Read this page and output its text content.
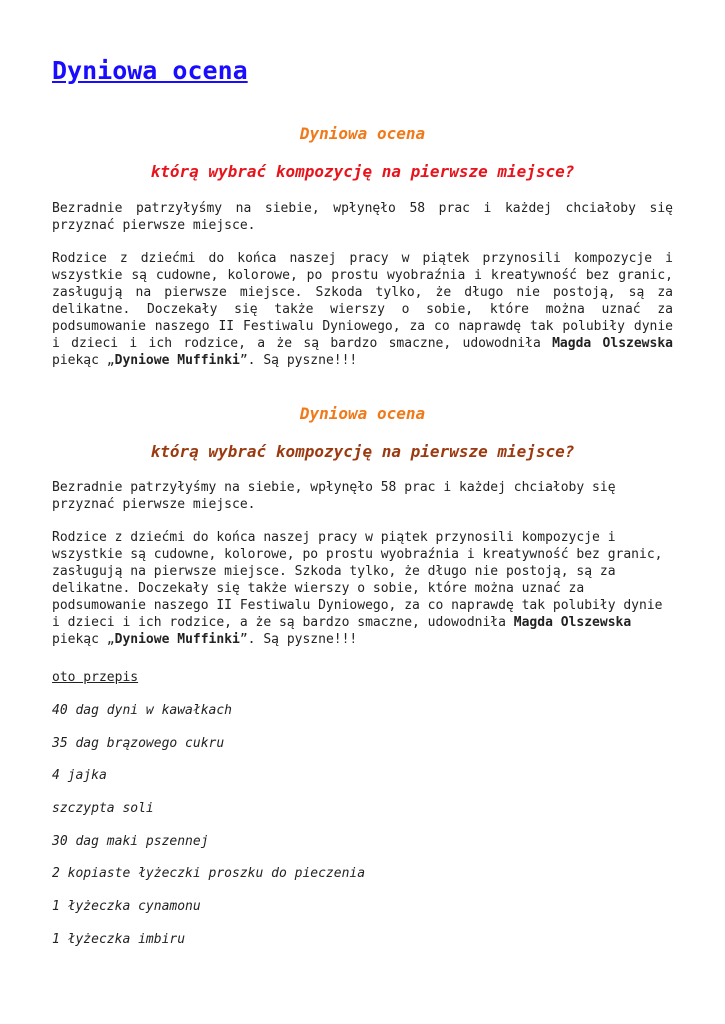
Dyniowa ocena
Dyniowa ocena
którą wybrać kompozycję na pierwsze miejsce?

Bezradnie patrzyłyśmy na siebie, wpłynęło 58 prac i każdej chciałoby się przyznać pierwsze miejsce.

Rodzice z dziećmi do końca naszej pracy w piątek przynosili kompozycje i wszystkie są cudowne, kolorowe, po prostu wyobraźnia i kreatywność bez granic, zasługują na pierwsze miejsce. Szkoda tylko, że długo nie postoją, są za delikatne. Doczekały się także wierszy o sobie, które można uznać za podsumowanie naszego II Festiwalu Dyniowego, za co naprawdę tak polubiły dynie i dzieci i ich rodzice, a że są bardzo smaczne, udowodniła Magda Olszewska piekąc „Dyniowe Muffinki”. Są pyszne!!!

Dyniowa ocena
którą wybrać kompozycję na pierwsze miejsce?

Bezradnie patrzyłyśmy na siebie, wpłynęło 58 prac i każdej chciałoby się przyznać pierwsze miejsce.

Rodzice z dziećmi do końca naszej pracy w piątek przynosili kompozycje i wszystkie są cudowne, kolorowe, po prostu wyobraźnia i kreatywność bez granic, zasługują na pierwsze miejsce. Szkoda tylko, że długo nie postoją, są za delikatne. Doczekały się także wierszy o sobie, które można uznać za podsumowanie naszego II Festiwalu Dyniowego, za co naprawdę tak polubiły dynie i dzieci i ich rodzice, a że są bardzo smaczne, udowodniła Magda Olszewska piekąc „Dyniowe Muffinki”. Są pyszne!!!

oto przepis

40 dag dyni w kawałkach

35 dag brązowego cukru

4 jajka

szczypta soli

30 dag maki pszennej

2 kopiaste łyżeczki proszku do pieczenia

1 łyżeczka cynamonu

1 łyżeczka imbiru
